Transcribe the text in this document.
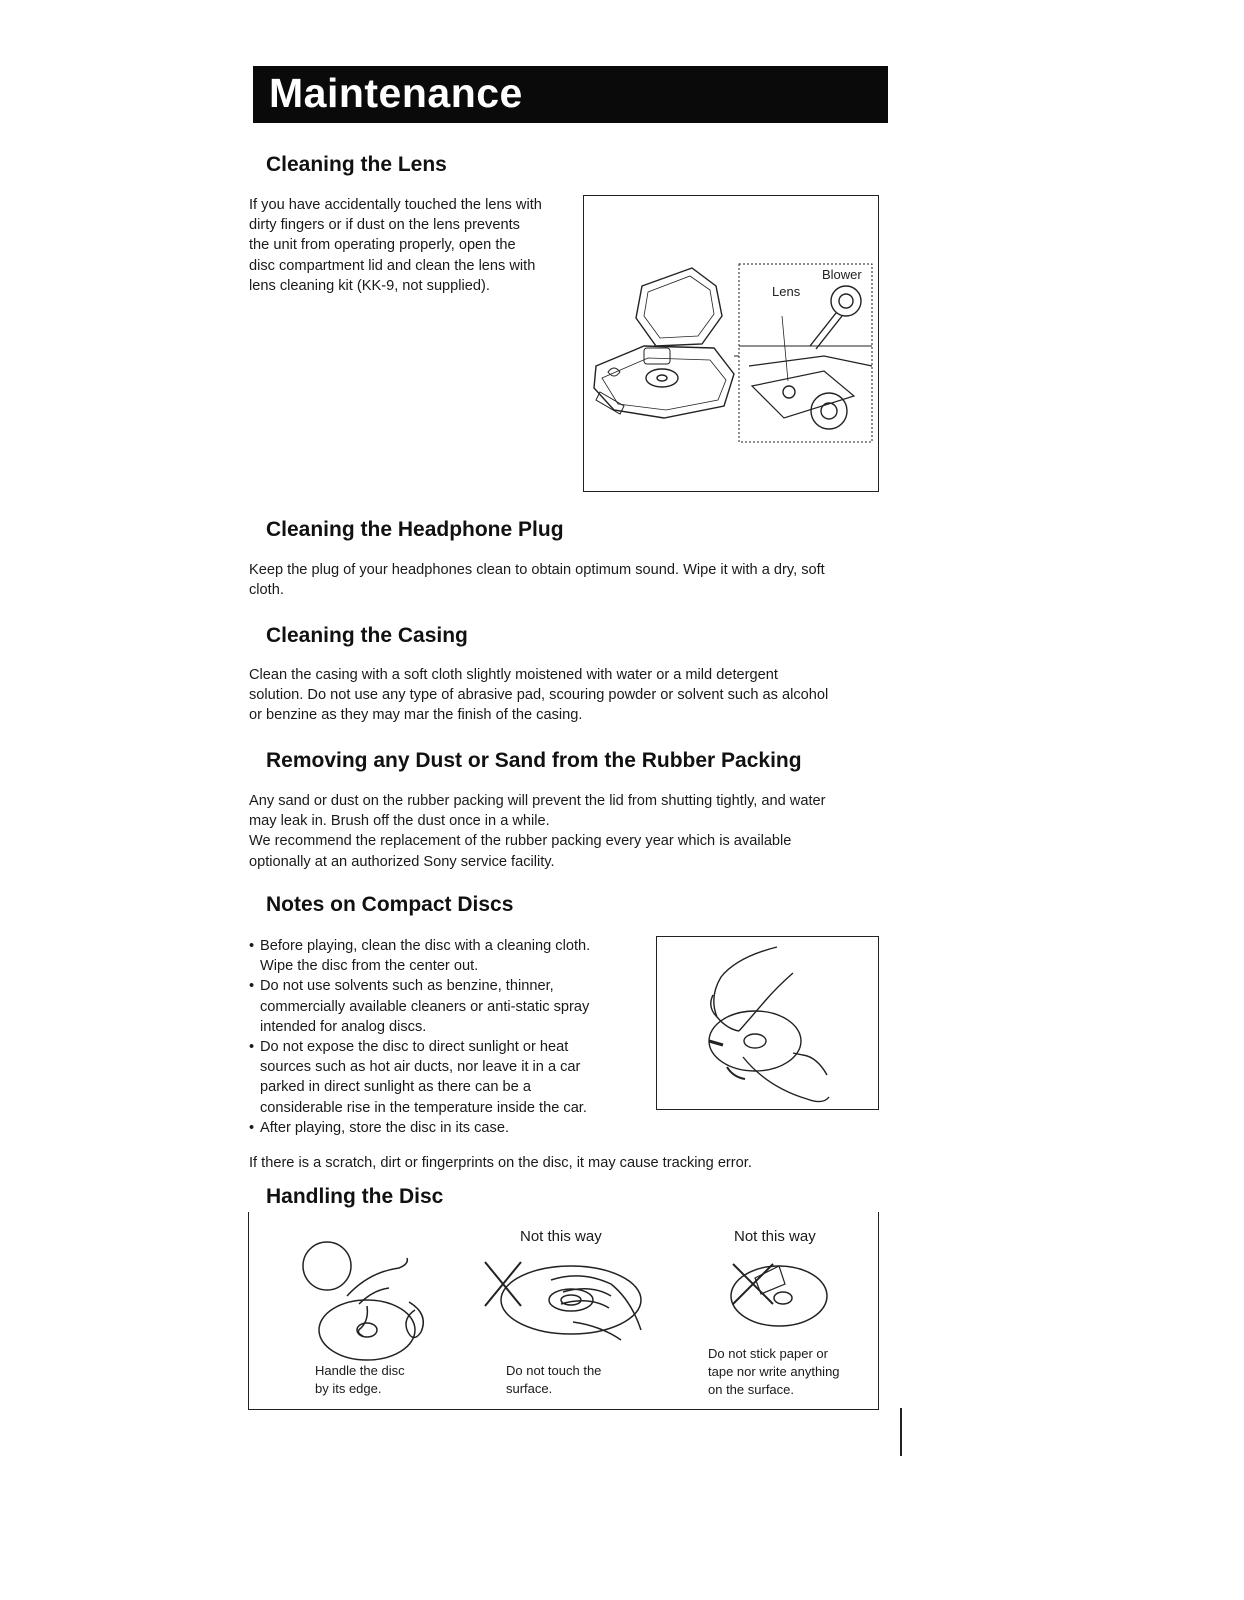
Maintenance
Cleaning the Lens

If you have accidentally touched the lens with

dirty fingers or if dust on the lens prevents

the unit from operating properly, open the

disc compartment lid and clean the lens with

lens cleaning kit (KK-9, not supplied).

Blower
Lens
Cleaning the Headphone Plug

Keep the plug of your headphones clean to obtain optimum sound. Wipe it with a dry, soft

cloth.

Cleaning the Casing

Clean the casing with a soft cloth slightly moistened with water or a mild detergent

solution. Do not use any type of abrasive pad, scouring powder or solvent such as alcohol

or benzine as they may mar the finish of the casing.

Removing any Dust or Sand from the Rubber Packing

Any sand or dust on the rubber packing will prevent the lid from shutting tightly, and water

may leak in. Brush off the dust once in a while.

We recommend the replacement of the rubber packing every year which is available

optionally at an authorized Sony service facility.

Notes on Compact Discs
• Before playing, clean the disc with a cleaning cloth.
Wipe the disc from the center out.
• Do not use solvents such as benzine, thinner,
commercially available cleaners or anti-static spray
intended for analog discs.
• Do not expose the disc to direct sunlight or heat
sources such as hot air ducts, nor leave it in a car
parked in direct sunlight as there can be a
considerable rise in the temperature inside the car.
• After playing, store the disc in its case.
If there is a scratch, dirt or fingerprints on the disc, it may cause tracking error.
Handling the Disc
Handle the disc
by its edge.
Not this way
Do not touch the
surface.
Not this way
Do not stick paper or
tape nor write anything
on the surface.
